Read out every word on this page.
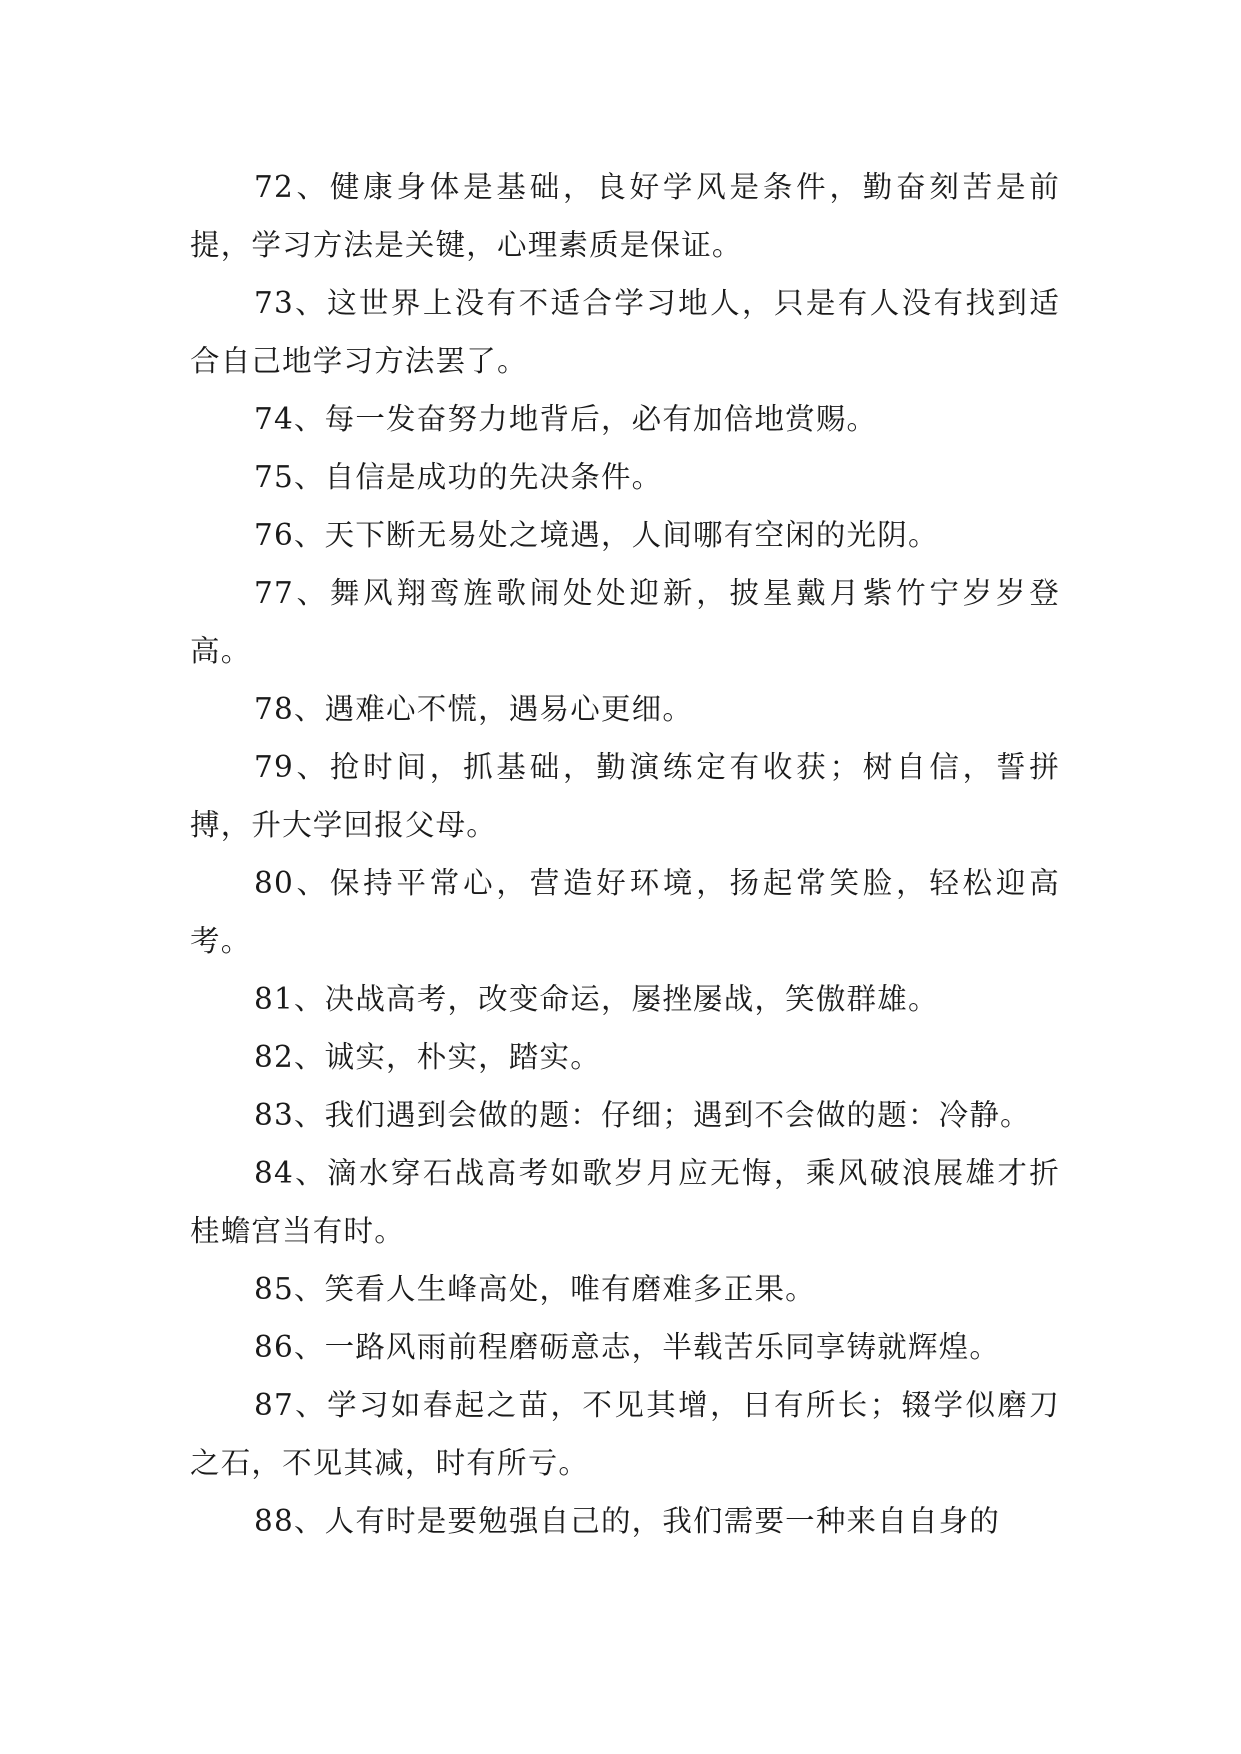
72、健康身体是基础，良好学风是条件，勤奋刻苦是前提，学习方法是关键，心理素质是保证。

73、这世界上没有不适合学习地人，只是有人没有找到适合自己地学习方法罢了。

74、每一发奋努力地背后，必有加倍地赏赐。

75、自信是成功的先决条件。

76、天下断无易处之境遇，人间哪有空闲的光阴。

77、舞风翔鸾旌歌闹处处迎新，披星戴月紫竹宁岁岁登高。

78、遇难心不慌，遇易心更细。

79、抢时间，抓基础，勤演练定有收获；树自信，誓拼搏，升大学回报父母。

80、保持平常心，营造好环境，扬起常笑脸，轻松迎高考。

81、决战高考，改变命运，屡挫屡战，笑傲群雄。

82、诚实，朴实，踏实。

83、我们遇到会做的题：仔细；遇到不会做的题：冷静。

84、滴水穿石战高考如歌岁月应无悔，乘风破浪展雄才折桂蟾宫当有时。

85、笑看人生峰高处，唯有磨难多正果。

86、一路风雨前程磨砺意志，半载苦乐同享铸就辉煌。

87、学习如春起之苗，不见其增，日有所长；辍学似磨刀之石，不见其减，时有所亏。

88、人有时是要勉强自己的，我们需要一种来自自身的
